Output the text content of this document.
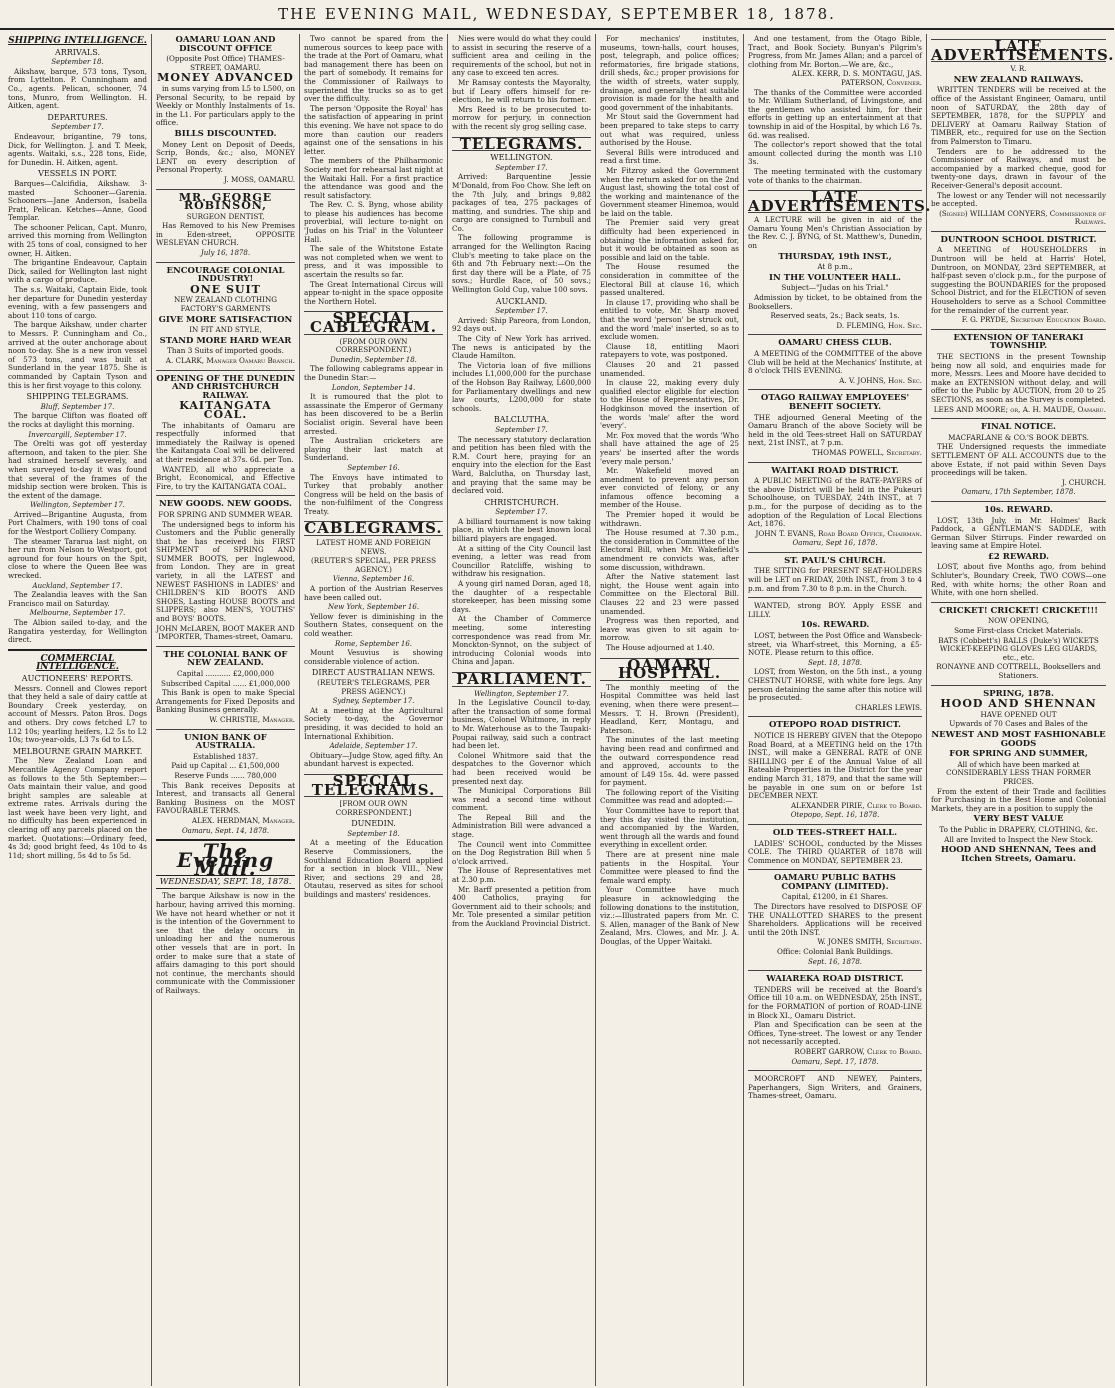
THE EVENING MAIL, WEDNESDAY, SEPTEMBER 18, 1878.
SHIPPING INTELLIGENCE.
ARRIVALS.
September 18.

Aikshaw, barque, 573 tons, Tyson, from Lyttelton. P. Cunningham and Co., agents. Pelican, schooner, 74 tons, Munro, from Wellington. H. Aitken, agent.

DEPARTURES.
September 17.

Endeavour, brigantine, 79 tons, Dick, for Wellington. J. and T. Meek, agents. Waitaki, s.s., 228 tons, Eide, for Dunedin. H. Aitken, agent.

VESSELS IN PORT.

Barques—Calcifidia, Aikshaw. 3-masted Schooner—Garenia. Schooners—Jane Anderson, Isabella Pratt, Pelican. Ketches—Anne, Good Templar.

The schooner Pelican, Capt. Munro, arrived this morning from Wellington with 25 tons of coal, consigned to her owner, H. Aitken.

The brigantine Endeavour, Captain Dick, sailed for Wellington last night with a cargo of produce.

The s.s. Waitaki, Captain Eide, took her departure for Dunedin yesterday evening, with a few passengers and about 110 tons of cargo.

The barque Aikshaw, under charter to Messrs. P. Cunningham and Co., arrived at the outer anchorage about noon to-day. She is a new iron vessel of 573 tons, and was built at Sunderland in the year 1875. She is commanded by Captain Tyson and this is her first voyage to this colony.

SHIPPING TELEGRAMS.
Bluff, September 17.

The barque Clifton was floated off the rocks at daylight this morning.

Invercargill, September 17.

The Orelti was got off yesterday afternoon, and taken to the pier. She had strained herself severely, and when surveyed to-day it was found that several of the frames of the midship section were broken. This is the extent of the damage.

Wellington, September 17.

Arrived—Brigantine Augusta, from Port Chalmers, with 190 tons of coal for the Westport Colliery Company.

The steamer Tararua last night, on her run from Nelson to Westport, got aground for four hours on the Spit, close to where the Queen Bee was wrecked.

Auckland, September 17.

The Zealandia leaves with the San Francisco mail on Saturday.

Melbourne, September 17.

The Albion sailed to-day, and the Rangatira yesterday, for Wellington direct.

COMMERCIAL INTELLIGENCE.
AUCTIONEERS' REPORTS.

Messrs. Connell and Clowes report that they held a sale of dairy cattle at Boundary Creek yesterday, on account of Messrs. Paton Bros. Dogs and others. Dry cows fetched L7 to L12 10s; yearling heifers, L2 5s to L2 10s; two-year-olds, L3 7s 6d to L5.

MELBOURNE GRAIN MARKET.

The New Zealand Loan and Mercantile Agency Company report as follows to the 5th September:— Oats maintain their value, and good bright samples are saleable at extreme rates. Arrivals during the last week have been very light, and no difficulty has been experienced in clearing off any parcels placed on the market. Quotations:—Ordinary feed, 4s 3d; good bright feed, 4s 10d to 4s 11d; short milling, 5s 4d to 5s 5d.

OAMARU LOAN AND DISCOUNT OFFICE
(Opposite Post Office) THAMES-STREET, OAMARU.
MONEY ADVANCED

in sums varying from L5 to L500, on Personal Security, to be repaid by Weekly or Monthly Instalments of 1s. in the L1. For particulars apply to the office.

BILLS DISCOUNTED.

Money Lent on Deposit of Deeds, Scrip, Bonds, &c.; also, MONEY LENT on every description of Personal Property.

J. MOSS, OAMARU.
MR. GEORGE ROBINSON,
SURGEON DENTIST,

Has Removed to his New Premises in Eden-street, OPPOSITE WESLEYAN CHURCH.

July 16, 1878.
ENCOURAGE COLONIAL INDUSTRY!
ONE SUIT
NEW ZEALAND CLOTHING FACTORY'S GARMENTS
GIVE MORE SATISFACTION
IN FIT AND STYLE,
STAND MORE HARD WEAR
Than 3 Suits of imported goods.
A. CLARK, Manager Oamaru Branch.
OPENING OF THE DUNEDIN AND CHRISTCHURCH RAILWAY.
KAITANGATA COAL.

The inhabitants of Oamaru are respectfully informed that immediately the Railway is opened the Kaitangata Coal will be delivered at their residence at 37s. 6d. per Ton.

WANTED, all who appreciate a Bright, Economical, and Effective Fire, to try the KAITANGATA COAL.

NEW GOODS. NEW GOODS.
FOR SPRING AND SUMMER WEAR.

The undersigned begs to inform his Customers and the Public generally that he has received his FIRST SHIPMENT of SPRING AND SUMMER BOOTS, per Inglewood, from London. They are in great variety, in all the LATEST and NEWEST FASHIONS in LADIES' and CHILDREN'S KID BOOTS AND SHOES, Lasting HOUSE BOOTS and SLIPPERS; also MEN'S, YOUTHS' and BOYS' BOOTS.

JOHN McLAREN, BOOT MAKER AND IMPORTER, Thames-street, Oamaru.
THE COLONIAL BANK OF NEW ZEALAND.
Capital ........... £2,000,000
Subscribed Capital ...... £1,000,000

This Bank is open to make Special Arrangements for Fixed Deposits and Banking Business generally.

W. CHRISTIE, Manager.
UNION BANK OF AUSTRALIA.
Established 1837.
Paid up Capital ... £1,500,000
Reserve Funds ...... 780,000

This Bank receives Deposits at Interest, and transacts all General Banking Business on the MOST FAVOURABLE TERMS.

ALEX. HERDMAN, Manager.
Oamaru, Sept. 14, 1878.
The Evening Mail.
WEDNESDAY, SEPT. 18, 1878.

The barque Aikshaw is now in the harbour, having arrived this morning. We have not heard whether or not it is the intention of the Government to see that the delay occurs in unloading her and the numerous other vessels that are in port. In order to make sure that a state of affairs damaging to this port should not continue, the merchants should communicate with the Commissioner of Railways.

Two cannot be spared from the numerous sources to keep pace with the trade at the Port of Oamaru, what bad management there has been on the part of somebody. It remains for the Commissioner of Railways to superintend the trucks so as to get over the difficulty.

The person 'Opposite the Royal' has the satisfaction of appearing in print this evening. We have not space to do more than caution our readers against one of the sensations in his letter.

The members of the Philharmonic Society met for rehearsal last night at the Waitaki Hall. For a first practice the attendance was good and the result satisfactory.

The Rev. C. S. Byng, whose ability to please his audiences has become proverbial, will lecture to-night on 'Judas on his Trial' in the Volunteer Hall.

The sale of the Whitstone Estate was not completed when we went to press, and it was impossible to ascertain the results so far.

The Great International Circus will appear to-night in the space opposite the Northern Hotel.

SPECIAL CABLEGRAM.
(FROM OUR OWN CORRESPONDENT.)
Dunedin, September 18.

The following cablegrams appear in the Dunedin Star:—

London, September 14.

It is rumoured that the plot to assassinate the Emperor of Germany has been discovered to be a Berlin Socialist origin. Several have been arrested.

The Australian cricketers are playing their last match at Sunderland.

September 16.

The Envoys have intimated to Turkey that probably another Congress will be held on the basis of the non-fulfilment of the Congress Treaty.

CABLEGRAMS.
LATEST HOME AND FOREIGN NEWS.
(REUTER'S SPECIAL, PER PRESS AGENCY.)
Vienna, September 16.

A portion of the Austrian Reserves have been called out.

New York, September 16.

Yellow fever is diminishing in the Southern States, consequent on the cold weather.

Rome, September 16.

Mount Vesuvius is showing considerable violence of action.

DIRECT AUSTRALIAN NEWS.
(REUTER'S TELEGRAMS, PER PRESS AGENCY.)
Sydney, September 17.

At a meeting at the Agricultural Society to-day, the Governor presiding, it was decided to hold an International Exhibition.

Adelaide, September 17.

Obituary—Judge Stow, aged fifty. An abundant harvest is expected.

SPECIAL TELEGRAMS.
[FROM OUR OWN CORRESPONDENT.]
DUNEDIN.
September 18.

At a meeting of the Education Reserve Commissioners, the Southland Education Board applied for a section in block VIII., New River, and sections 29 and 28, Otautau, reserved as sites for school buildings and masters' residences.

Nies were would do what they could to assist in securing the reserve of a sufficient area and ceiling in the requirements of the school, but not in any case to exceed ten acres.

Mr Ramsay contests the Mayoralty, but if Leary offers himself for re-election, he will return to his former.

Mrs Reed is to be prosecuted to-morrow for perjury, in connection with the recent sly grog selling case.

TELEGRAMS.
WELLINGTON.
September 17.

Arrived: Barquentine Jessie M'Donald, from Foo Chow. She left on the 7th July, and brings 9,882 packages of tea, 275 packages of matting, and sundries. The ship and cargo are consigned to Turnbull and Co.

The following programme is arranged for the Wellington Racing Club's meeting to take place on the 6th and 7th February next:—On the first day there will be a Plate, of 75 sovs.; Hurdle Race, of 50 sovs.; Wellington Gold Cup, value 100 sovs.

AUCKLAND.
September 17.

Arrived: Ship Pareora, from London, 92 days out.

The City of New York has arrived. The news is anticipated by the Claude Hamilton.

The Victoria loan of five millions includes L1,000,000 for the purchase of the Hobson Bay Railway, L600,000 for Parliamentary dwellings and new law courts, L200,000 for state schools.

BALCLUTHA.
September 17.

The necessary statutory declaration and petition has been filed with the R.M. Court here, praying for an enquiry into the election for the East Ward, Balclutha, on Thursday last, and praying that the same may be declared void.

CHRISTCHURCH.
September 17.

A billiard tournament is now taking place, in which the best known local billiard players are engaged.

At a sitting of the City Council last evening, a letter was read from Councillor Ratcliffe, wishing to withdraw his resignation.

A young girl named Doran, aged 18, the daughter of a respectable storekeeper, has been missing some days.

At the Chamber of Commerce meeting, some interesting correspondence was read from Mr. Monckton-Synnot, on the subject of introducing Colonial woods into China and Japan.

PARLIAMENT.
Wellington, September 17.

In the Legislative Council to-day, after the transaction of some formal business, Colonel Whitmore, in reply to Mr. Waterhouse as to the Taupaki-Poupai railway, said such a contract had been let.

Colonel Whitmore said that the despatches to the Governor which had been received would be presented next day.

The Municipal Corporations Bill was read a second time without comment.

The Repeal Bill and the Administration Bill were advanced a stage.

The Council went into Committee on the Dog Registration Bill when 5 o'clock arrived.

The House of Representatives met at 2.30 p.m.

Mr. Barff presented a petition from 400 Catholics, praying for Government aid to their schools; and Mr. Tole presented a similar petition from the Auckland Provincial District.

For mechanics' institutes, museums, town-halls, court houses, post, telegraph, and police offices; reformatories, fire brigade stations, drill sheds, &c.; proper provisions for the width of streets, water supply, drainage, and generally that suitable provision is made for the health and good government of the inhabitants.

Mr Stout said the Government had been prepared to take steps to carry out what was required, unless authorised by the House.

Several Bills were introduced and read a first time.

Mr Fitzroy asked the Government when the return asked for on the 2nd August last, showing the total cost of the working and maintenance of the Government steamer Hinemoa, would be laid on the table.

The Premier said very great difficulty had been experienced in obtaining the information asked for, but it would be obtained as soon as possible and laid on the table.

The House resumed the consideration in committee of the Electoral Bill at clause 16, which passed unaltered.

In clause 17, providing who shall be entitled to vote, Mr. Sharp moved that the word 'person' be struck out, and the word 'male' inserted, so as to exclude women.

Clause 18, entitling Maori ratepayers to vote, was postponed.

Clauses 20 and 21 passed unamended.

In clause 22, making every duly qualified elector eligible for election to the House of Representatives, Dr. Hodgkinson moved the insertion of the words 'male' after the word 'every'.

Mr. Fox moved that the words 'Who shall have attained the age of 25 years' be inserted after the words 'every male person.'

Mr. Wakefield moved an amendment to prevent any person ever convicted of felony, or any infamous offence becoming a member of the House.

The Premier hoped it would be withdrawn.

The House resumed at 7.30 p.m., the consideration in Committee of the Electoral Bill, when Mr. Wakefield's amendment re convicts was, after some discussion, withdrawn.

After the Native statement last night, the House went again into Committee on the Electoral Bill. Clauses 22 and 23 were passed unamended.

Progress was then reported, and leave was given to sit again to-morrow.

The House adjourned at 1.40.

OAMARU HOSPITAL.

The monthly meeting of the Hospital Committee was held last evening, when there were present—Messrs. T. H. Brown (President), Headland, Kerr, Montagu, and Paterson.

The minutes of the last meeting having been read and confirmed and the outward correspondence read and approved, accounts to the amount of L49 15s. 4d. were passed for payment.

The following report of the Visiting Committee was read and adopted:—

Your Committee have to report that they this day visited the institution, and accompanied by the Warden, went through all the wards and found everything in excellent order.

There are at present nine male patients in the Hospital. Your Committee were pleased to find the female ward empty.

Your Committee have much pleasure in acknowledging the following donations to the institution, viz.:—Illustrated papers from Mr. C. S. Allen, manager of the Bank of New Zealand, Mrs. Clowes, and Mr. J. A. Douglas, of the Upper Waitaki.

And one testament, from the Otago Bible, Tract, and Book Society. Bunyan's Pilgrim's Progress, from Mr. James Allan; and a parcel of clothing from Mr. Borton.—We are, &c.,

ALEX. KERR, D. S. MONTAGU, JAS. PATERSON, Convener.

The thanks of the Committee were accorded to Mr. William Sutherland, of Livingstone, and the gentlemen who assisted him, for their efforts in getting up an entertainment at that township in aid of the Hospital, by which L6 7s. 6d. was realised.

The collector's report showed that the total amount collected during the month was L10 3s.

The meeting terminated with the customary vote of thanks to the chairman.

LATE ADVERTISEMENTS.

A LECTURE will be given in aid of the Oamaru Young Men's Christian Association by the Rev. C. J. BYNG, of St. Matthew's, Dunedin, on

THURSDAY, 19th INST.,
At 8 p.m.,
IN THE VOLUNTEER HALL.
Subject—"Judas on his Trial."

Admission by ticket, to be obtained from the Booksellers.

Reserved seats, 2s.; Back seats, 1s.
D. FLEMING, Hon. Sec.
OAMARU CHESS CLUB.

A MEETING of the COMMITTEE of the above Club will be held at the Mechanics' Institute, at 8 o'clock THIS EVENING.

A. V. JOHNS, Hon. Sec.
OTAGO RAILWAY EMPLOYEES' BENEFIT SOCIETY.

THE adjourned General Meeting of the Oamaru Branch of the above Society will be held in the old Tees-street Hall on SATURDAY next, 21st INST., at 7 p.m.

THOMAS POWELL, Secretary.
WAITAKI ROAD DISTRICT.

A PUBLIC MEETING of the RATE-PAYERS of the above District will be held in the Pukeuri Schoolhouse, on TUESDAY, 24th INST., at 7 p.m., for the purpose of deciding as to the adoption of the Regulation of Local Elections Act, 1876.

JOHN T. EVANS, Road Board Office, Chairman.
Oamaru, Sept 16, 1878.
ST. PAUL'S CHURCH.

THE SITTING for PRESENT SEAT-HOLDERS will be LET on FRIDAY, 20th INST., from 3 to 4 p.m. and from 7.30 to 8 p.m. in the Church.

WANTED, strong BOY. Apply ESSE and LILLY.

10s. REWARD.

LOST, between the Post Office and Wansbeck-street, via Wharf-street, this Morning, a £5-NOTE. Please return to this office.

Sept. 18, 1878.

LOST, from Weston, on the 5th inst., a young CHESTNUT HORSE, with white fore legs. Any person detaining the same after this notice will be prosecuted.

CHARLES LEWIS.
OTEPOPO ROAD DISTRICT.

NOTICE IS HEREBY GIVEN that the Otepopo Road Board, at a MEETING held on the 17th INST., will make a GENERAL RATE of ONE SHILLING per £ of the Annual Value of all Rateable Properties in the District for the year ending March 31, 1879, and that the same will be payable in one sum on or before 1st DECEMBER NEXT.

ALEXANDER PIRIE, Clerk to Board.
Otepopo, Sept. 16, 1878.
OLD TEES-STREET HALL.

LADIES' SCHOOL, conducted by the Misses COLE. The THIRD QUARTER of 1878 will Commence on MONDAY, SEPTEMBER 23.

OAMARU PUBLIC BATHS COMPANY (LIMITED).
Capital, £1200, in £1 Shares.

The Directors have resolved to DISPOSE OF THE UNALLOTTED SHARES to the present Shareholders. Applications will be received until the 20th INST.

W. JONES SMITH, Secretary.
Office: Colonial Bank Buildings.
Sept. 16, 1878.
WAIAREKA ROAD DISTRICT.

TENDERS will be received at the Board's Office till 10 a.m. on WEDNESDAY, 25th INST., for the FORMATION of portion of ROAD-LINE in Block XI., Oamaru District.

Plan and Specification can be seen at the Offices, Tyne-street. The lowest or any Tender not necessarily accepted.

ROBERT GARROW, Clerk to Board.
Oamaru, Sept. 17, 1878.

MOORCROFT AND NEWEY, Painters, Paperhangers, Sign Writers, and Grainers, Thames-street, Oamaru.

LATE ADVERTISEMENTS.
V. R.
NEW ZEALAND RAILWAYS.

WRITTEN TENDERS will be received at the office of the Assistant Engineer, Oamaru, until noon of SATURDAY, the 28th day of SEPTEMBER, 1878, for the SUPPLY and DELIVERY at Oamaru Railway Station of TIMBER, etc., required for use on the Section from Palmerston to Timaru.

Tenders are to be addressed to the Commissioner of Railways, and must be accompanied by a marked cheque, good for twenty-one days, drawn in favour of the Receiver-General's deposit account.

The lowest or any Tender will not necessarily be accepted.

(Signed) WILLIAM CONYERS, Commissioner of Railways.
DUNTROON SCHOOL DISTRICT.

A MEETING of HOUSEHOLDERS in Duntroon will be held at Harris' Hotel, Duntroon, on MONDAY, 23rd SEPTEMBER, at half-past seven o'clock p.m., for the purpose of suggesting the BOUNDARIES for the proposed School District, and for the ELECTION of seven Householders to serve as a School Committee for the remainder of the current year.

F. G. PRYDE, Secretary Education Board.
EXTENSION OF TANERAKI TOWNSHIP.

THE SECTIONS in the present Township being now all sold, and enquiries made for more, Messrs. Lees and Moore have decided to make an EXTENSION without delay, and will offer to the Public by AUCTION, from 20 to 25 SECTIONS, as soon as the Survey is completed.

LEES AND MOORE; or, A. H. MAUDE, Oamaru.
FINAL NOTICE.
MACFARLANE & CO.'S BOOK DEBTS.

THE Undersigned requests the immediate SETTLEMENT OF ALL ACCOUNTS due to the above Estate, if not paid within Seven Days proceedings will be taken.

J. CHURCH.
Oamaru, 17th September, 1878.
10s. REWARD.

LOST, 13th July, in Mr. Holmes' Back Paddock, a GENTLEMAN'S SADDLE, with German Silver Stirrups. Finder rewarded on leaving same at Empire Hotel.

£2 REWARD.

LOST, about five Months ago, from behind Schluter's, Boundary Creek, TWO COWS—one Red, with white horns; the other Roan and White, with one horn shelled.

CRICKET! CRICKET! CRICKET!!!
NOW OPENING,
Some First-class Cricket Materials.
BATS (Cobbett's) BALLS (Duke's) WICKETS WICKET-KEEPING GLOVES LEG GUARDS, etc., etc.
RONAYNE AND COTTRELL, Booksellers and Stationers.
SPRING, 1878.
HOOD AND SHENNAN
HAVE OPENED OUT
Upwards of 70 Cases and Bales of the
NEWEST AND MOST FASHIONABLE GOODS
FOR SPRING AND SUMMER,
All of which have been marked at CONSIDERABLY LESS THAN FORMER PRICES.

From the extent of their Trade and facilities for Purchasing in the Best Home and Colonial Markets, they are in a position to supply the

VERY BEST VALUE
To the Public in DRAPERY, CLOTHING, &c.
All are Invited to Inspect the New Stock.
HOOD AND SHENNAN, Tees and Itchen Streets, Oamaru.
